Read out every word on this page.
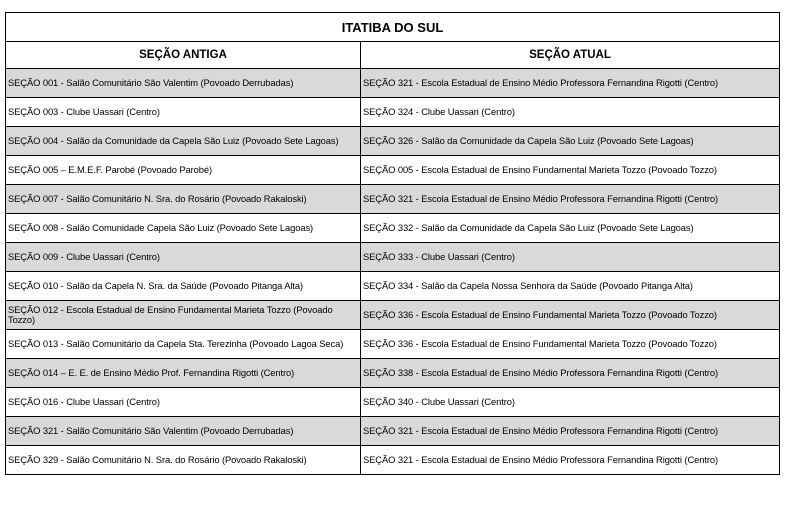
ITATIBA DO SUL	
SEÇÃO ANTIGA	SEÇÃO ATUAL
SEÇÃO 001 - Salão Comunitário São Valentim (Povoado Derrubadas)	SEÇÃO 321 - Escola Estadual de Ensino Médio Professora Fernandina Rigotti (Centro)
SEÇÃO 003 - Clube Uassari (Centro)	SEÇÃO 324 - Clube Uassari (Centro)
SEÇÃO 004 - Salão da Comunidade da Capela São Luiz (Povoado Sete Lagoas)	SEÇÃO 326 - Salão da Comunidade da Capela São Luiz (Povoado Sete Lagoas)
SEÇÃO 005 – E.M.E.F. Parobé (Povoado Parobé)	SEÇÃO 005 - Escola Estadual de Ensino Fundamental Marieta Tozzo (Povoado Tozzo)
SEÇÃO 007 - Salão Comunitário N. Sra. do Rosário (Povoado Rakaloski)	SEÇÃO 321 - Escola Estadual de Ensino Médio Professora Fernandina Rigotti (Centro)
SEÇÃO 008 - Salão Comunidade Capela São Luiz (Povoado Sete Lagoas)	SEÇÃO 332 - Salão da Comunidade da Capela São Luiz (Povoado Sete Lagoas)
SEÇÃO 009 - Clube Uassari (Centro)	SEÇÃO 333 - Clube Uassari (Centro)
SEÇÃO 010 - Salão da Capela N. Sra. da Saúde (Povoado Pitanga Alta)	SEÇÃO 334 - Salão da Capela Nossa Senhora da Saúde (Povoado Pitanga Alta)
SEÇÃO 012 - Escola Estadual de Ensino Fundamental Marieta Tozzo (Povoado Tozzo)	SEÇÃO 336 - Escola Estadual de Ensino Fundamental Marieta Tozzo (Povoado Tozzo)
SEÇÃO 013 - Salão Comunitário da Capela Sta. Terezinha (Povoado Lagoa Seca)	SEÇÃO 336 - Escola Estadual de Ensino Fundamental Marieta Tozzo (Povoado Tozzo)
SEÇÃO 014 – E. E. de Ensino Médio Prof. Fernandina Rigotti (Centro)	SEÇÃO 338 - Escola Estadual de Ensino Médio Professora Fernandina Rigotti (Centro)
SEÇÃO 016 - Clube Uassari (Centro)	SEÇÃO 340 - Clube Uassari (Centro)
SEÇÃO 321 - Salão Comunitário São Valentim (Povoado Derrubadas)	SEÇÃO 321 - Escola Estadual de Ensino Médio Professora Fernandina Rigotti (Centro)
SEÇÃO 329 - Salão Comunitário N. Sra. do Rosário (Povoado Rakaloski)	SEÇÃO 321 - Escola Estadual de Ensino Médio Professora Fernandina Rigotti (Centro)
